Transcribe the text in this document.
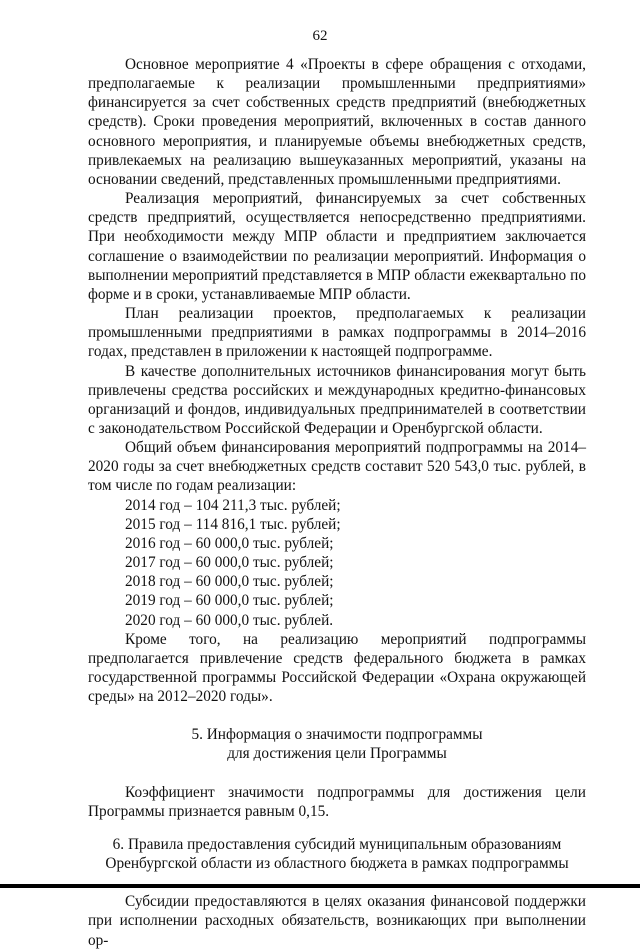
62

Основное мероприятие 4 «Проекты в сфере обращения с отходами, предполагаемые к реализации промышленными предприятиями» финансируется за счет собственных средств предприятий (внебюджетных средств). Сроки проведения мероприятий, включенных в состав данного основного мероприятия, и планируемые объемы внебюджетных средств, привлекаемых на реализацию вышеуказанных мероприятий, указаны на основании сведений, представленных промышленными предприятиями.

Реализация мероприятий, финансируемых за счет собственных средств предприятий, осуществляется непосредственно предприятиями. При необходимости между МПР области и предприятием заключается соглашение о взаимодействии по реализации мероприятий. Информация о выполнении мероприятий представляется в МПР области ежеквартально по форме и в сроки, устанавливаемые МПР области.

План реализации проектов, предполагаемых к реализации промышленными предприятиями в рамках подпрограммы в 2014–2016 годах, представлен в приложении к настоящей подпрограмме.

В качестве дополнительных источников финансирования могут быть привлечены средства российских и международных кредитно-финансовых организаций и фондов, индивидуальных предпринимателей в соответствии с законодательством Российской Федерации и Оренбургской области.

Общий объем финансирования мероприятий подпрограммы на 2014–2020 годы за счет внебюджетных средств составит 520 543,0 тыс. рублей, в том числе по годам реализации:

2014 год – 104 211,3 тыс. рублей;
2015 год – 114 816,1 тыс. рублей;
2016 год – 60 000,0 тыс. рублей;
2017 год – 60 000,0 тыс. рублей;
2018 год – 60 000,0 тыс. рублей;
2019 год – 60 000,0 тыс. рублей;
2020 год – 60 000,0 тыс. рублей.

Кроме того, на реализацию мероприятий подпрограммы предполагается привлечение средств федерального бюджета в рамках государственной программы Российской Федерации «Охрана окружающей среды» на 2012–2020 годы».

5. Информация о значимости подпрограммы

для достижения цели Программы

Коэффициент значимости подпрограммы для достижения цели Программы признается равным 0,15.

6. Правила предоставления субсидий муниципальным образованиям

Оренбургской области из областного бюджета в рамках подпрограммы

Субсидии предоставляются в целях оказания финансовой поддержки при исполнении расходных обязательств, возникающих при выполнении ор-
